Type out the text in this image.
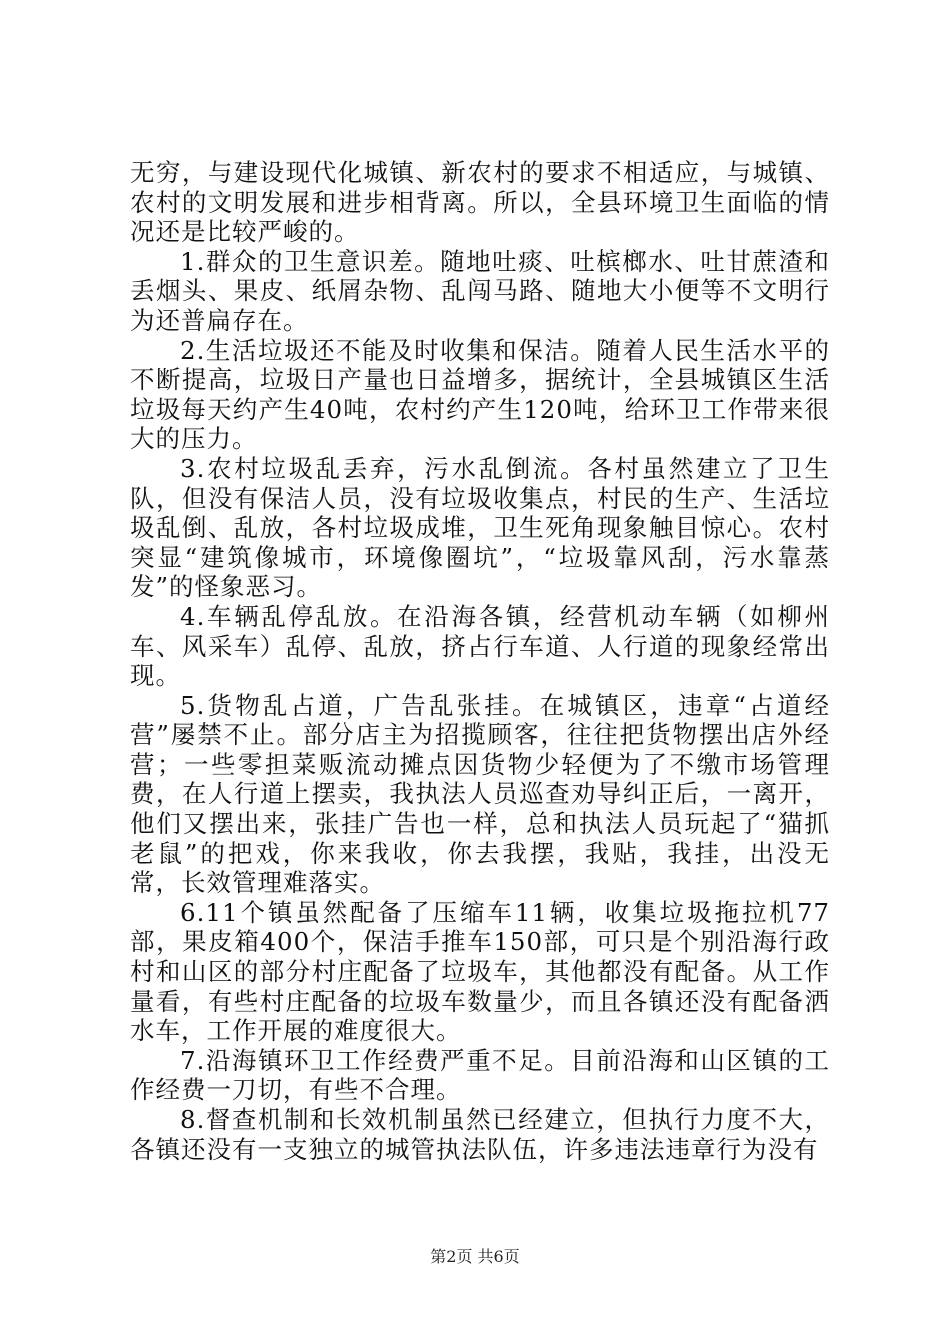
无穷，与建设现代化城镇、新农村的要求不相适应，与城镇、农村的文明发展和进步相背离。所以，全县环境卫生面临的情况还是比较严峻的。

1.群众的卫生意识差。随地吐痰、吐槟榔水、吐甘蔗渣和丢烟头、果皮、纸屑杂物、乱闯马路、随地大小便等不文明行为还普扁存在。

2.生活垃圾还不能及时收集和保洁。随着人民生活水平的不断提高，垃圾日产量也日益增多，据统计，全县城镇区生活垃圾每天约产生40吨，农村约产生120吨，给环卫工作带来很大的压力。

3.农村垃圾乱丢弃，污水乱倒流。各村虽然建立了卫生队，但没有保洁人员，没有垃圾收集点，村民的生产、生活垃圾乱倒、乱放，各村垃圾成堆，卫生死角现象触目惊心。农村突显“建筑像城市，环境像圈坑”，“垃圾靠风刮，污水靠蒸发”的怪象恶习。

4.车辆乱停乱放。在沿海各镇，经营机动车辆（如柳州车、风采车）乱停、乱放，挤占行车道、人行道的现象经常出现。

5.货物乱占道，广告乱张挂。在城镇区，违章“占道经营”屡禁不止。部分店主为招揽顾客，往往把货物摆出店外经营；一些零担菜贩流动摊点因货物少轻便为了不缴市场管理费，在人行道上摆卖，我执法人员巡查劝导纠正后，一离开，他们又摆出来，张挂广告也一样，总和执法人员玩起了“猫抓老鼠”的把戏，你来我收，你去我摆，我贴，我挂，出没无常，长效管理难落实。

6.11个镇虽然配备了压缩车11辆，收集垃圾拖拉机77部，果皮箱400个，保洁手推车150部，可只是个别沿海行政村和山区的部分村庄配备了垃圾车，其他都没有配备。从工作量看，有些村庄配备的垃圾车数量少，而且各镇还没有配备洒水车，工作开展的难度很大。

7.沿海镇环卫工作经费严重不足。目前沿海和山区镇的工作经费一刀切，有些不合理。

8.督查机制和长效机制虽然已经建立，但执行力度不大，各镇还没有一支独立的城管执法队伍，许多违法违章行为没有

第2页 共6页
